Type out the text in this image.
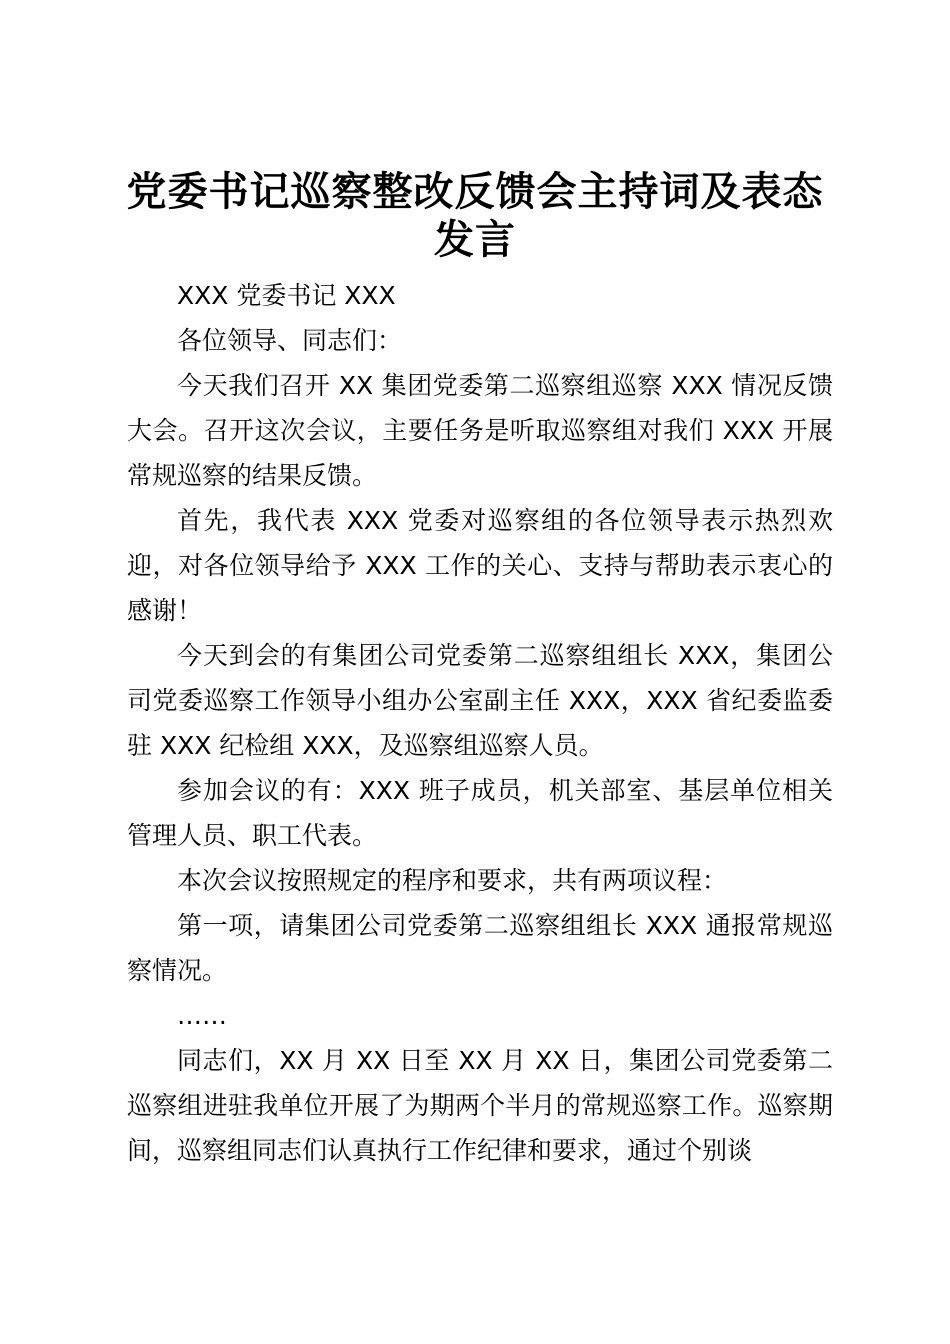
党委书记巡察整改反馈会主持词及表态发言

XXX 党委书记 XXX

各位领导、同志们：

今天我们召开 XX 集团党委第二巡察组巡察 XXX 情况反馈大会。召开这次会议，主要任务是听取巡察组对我们 XXX 开展常规巡察的结果反馈。

首先，我代表 XXX 党委对巡察组的各位领导表示热烈欢迎，对各位领导给予 XXX 工作的关心、支持与帮助表示衷心的感谢！

今天到会的有集团公司党委第二巡察组组长 XXX，集团公司党委巡察工作领导小组办公室副主任 XXX，XXX 省纪委监委驻 XXX 纪检组 XXX，及巡察组巡察人员。

参加会议的有：XXX 班子成员，机关部室、基层单位相关管理人员、职工代表。

本次会议按照规定的程序和要求，共有两项议程：

第一项，请集团公司党委第二巡察组组长 XXX 通报常规巡察情况。

……

同志们，XX 月 XX 日至 XX 月 XX 日，集团公司党委第二巡察组进驻我单位开展了为期两个半月的常规巡察工作。巡察期间，巡察组同志们认真执行工作纪律和要求，通过个别谈
